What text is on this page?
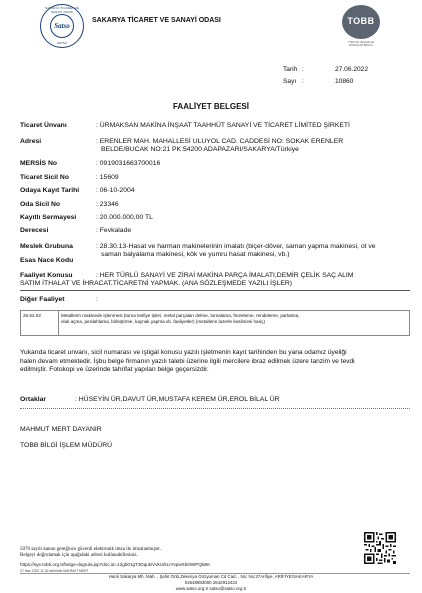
SAKARYA TİCARET VE SANAYİ ODASI
Satso
SATSO
SAKARYA TİCARET VE SANAYİ ODASI	TOBB
TÜRKİYE ODALAR VE BORSALAR BİRLİĞİ
Tarih :	27.06.2022
Sayı :	10860
FAALİYET BELGESİ
Ticaret Ünvanı	: ÜRMAKSAN MAKİNA İNŞAAT TAAHHÜT SANAYİ VE TİCARET LİMİTED ŞİRKETİ
Adresi	: ERENLER MAH. MAHALLESİ ULUYOL CAD. CADDESİ NO: SOKAK ERENLER
BELDE/BUCAK NO:21 PK:54200 ADAPAZARI/SAKARYA/Türkiye
MERSİS No	: 0919031663700016
Ticaret Sicil No	: 15609
Odaya Kayıt Tarihi : 06-10-2004
Oda Sicil No	: 23346
Kayıtlı Sermayesi	: 20.000.000,00 TL
Derecesi	: Fevkalade
Meslek Grubuna	: 28.30.13-Hasat ve harman makinelerinin imalatı (biçer-döver, saman yapma makinesi, ot ve
saman balyalama makinesi, kök ve yumru hasat makinesi, vb.)
Esas Nace Kodu
Faaliyet Konusu	: HER TÜRLÜ SANAYİ VE ZİRAİ MAKİNA PARÇA İMALATI,DEMİR ÇELİK SAÇ ALIM
SATIM İTHALAT VE İHRACAT,TİCARETNİ YAPMAK. (ANA SÖZLEŞMEDE YAZILI İŞLER)
Diğer Faaliyet	:
25.62.02	Metallerin makinede işlenmesi (torna tesfiye işleri, metal parçaları delme, tornalama, frezeleme, rendeleme, parlatma,
oluk açma, perdahlama, birleştirme, kaynak yapma vb. faaliyetler) (metallerin lazerle kesilmesi hariç)
Yukarıda ticaret unvanı, sicil numarası ve iştigal konusu yazılı işletmenin kayıt tarihinden bu yana odamız üyeliği
halen devam etmektedir. İşbu belge firmanın yazılı talebi üzerine ilgili mercilere ibraz edilmek üzere tanzim ve tevdi
edilmiştir. Fotokopi ve üzerinde tahrifat yapılan belge geçersizdir.
Ortaklar	: HÜSEYİN ÜR,DAVUT ÜR,MUSTAFA KEREM ÜR,EROL BİLAL ÜR
MAHMUT MERT DAYANIR
TOBB BİLGİ İŞLEM MÜDÜRÜ
5070 sayılı kanun gereğince güvenli elektronik imza ile imzalanmıştır.
Belgeyi doğrulamak için aşağıdaki adresi kullanabilirsiniz.
https://sye.tobb.org.tr/belge-dogrula.jsp?doc.id=12gb01gT3DquDVvkU/kLIYvpwXb0W/PQkBK
27 Haz 2022 11:32 tarihinde MAHMUT MERT
Hanlı Sakarya Mh. Mah. , Şehit Onb.Zekeriya Gözyuman Cd Cad. , No: No:27Arifiye, ARİFİYE/SAKARYA
02648883000 2642912424
www.satso.org.tr satso@satso.org.tr
